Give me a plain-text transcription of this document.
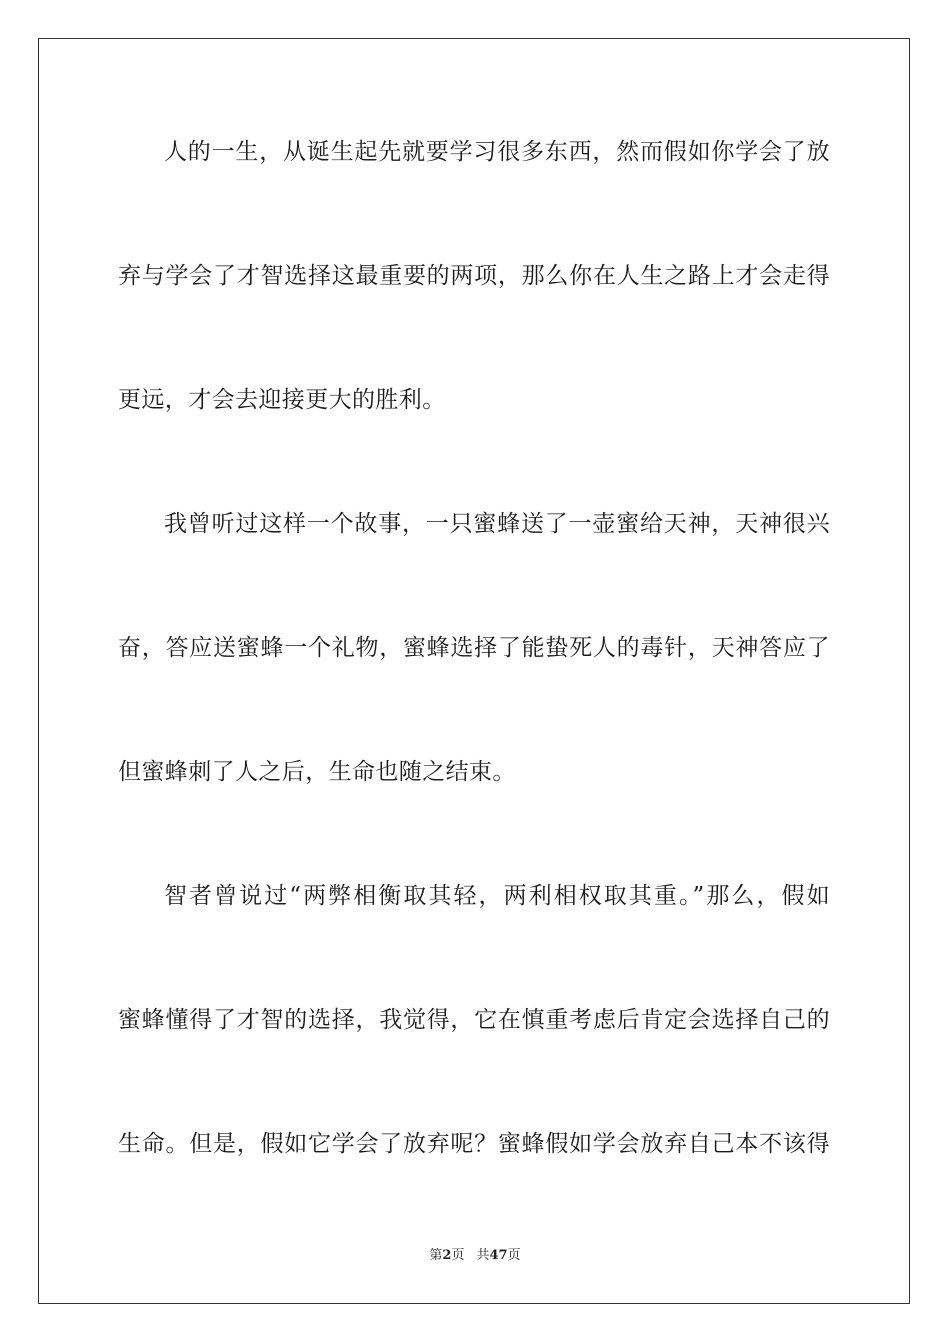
人的一生，从诞生起先就要学习很多东西，然而假如你学会了放
弃与学会了才智选择这最重要的两项，那么你在人生之路上才会走得
更远，才会去迎接更大的胜利。
我曾听过这样一个故事，一只蜜蜂送了一壶蜜给天神，天神很兴
奋，答应送蜜蜂一个礼物，蜜蜂选择了能蛰死人的毒针，天神答应了
但蜜蜂刺了人之后，生命也随之结束。
智者曾说过“两弊相衡取其轻，两利相权取其重。”那么，假如
蜜蜂懂得了才智的选择，我觉得，它在慎重考虑后肯定会选择自己的
生命。但是，假如它学会了放弃呢？蜜蜂假如学会放弃自己本不该得
第2页 共47页
